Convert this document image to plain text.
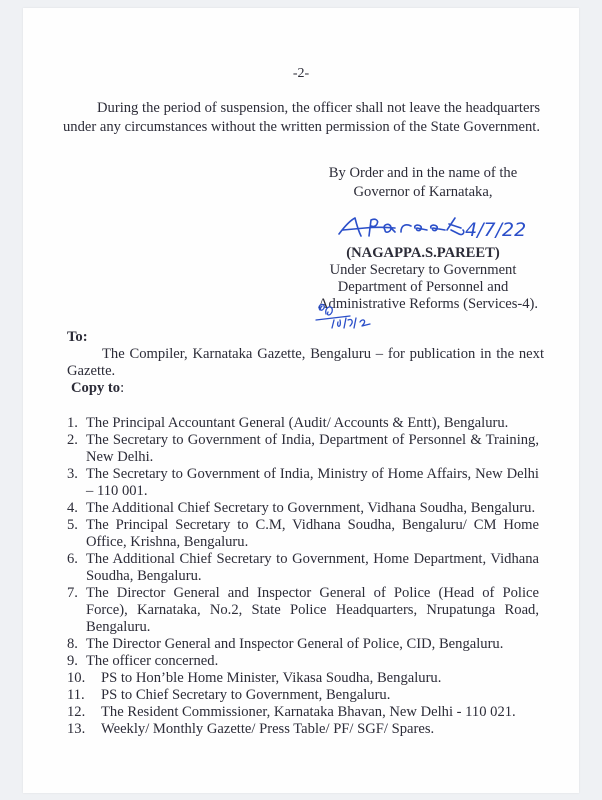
-2-

During the period of suspension, the officer shall not leave the headquarters under any circumstances without the written permission of the State Government.

By Order and in the name of the
Governor of Karnataka,
4/7/22
(NAGAPPA.S.PAREET)
Under Secretary to Government
Department of Personnel and
Administrative Reforms (Services-4).
To:

The Compiler, Karnataka Gazette, Bengaluru – for publication in the next Gazette.

Copy to:
1. The Principal Accountant General (Audit/ Accounts & Entt), Bengaluru.
2. The Secretary to Government of India, Department of Personnel & Training, New Delhi.
3. The Secretary to Government of India, Ministry of Home Affairs, New Delhi – 110 001.
4. The Additional Chief Secretary to Government, Vidhana Soudha, Bengaluru.
5. The Principal Secretary to C.M, Vidhana Soudha, Bengaluru/ CM Home Office, Krishna, Bengaluru.
6. The Additional Chief Secretary to Government, Home Department, Vidhana Soudha, Bengaluru.
7. The Director General and Inspector General of Police (Head of Police Force), Karnataka, No.2, State Police Headquarters, Nrupatunga Road, Bengaluru.
8. The Director General and Inspector General of Police, CID, Bengaluru.
9. The officer concerned.
10. PS to Hon’ble Home Minister, Vikasa Soudha, Bengaluru.
11. PS to Chief Secretary to Government, Bengaluru.
12. The Resident Commissioner, Karnataka Bhavan, New Delhi - 110 021.
13. Weekly/ Monthly Gazette/ Press Table/ PF/ SGF/ Spares.
